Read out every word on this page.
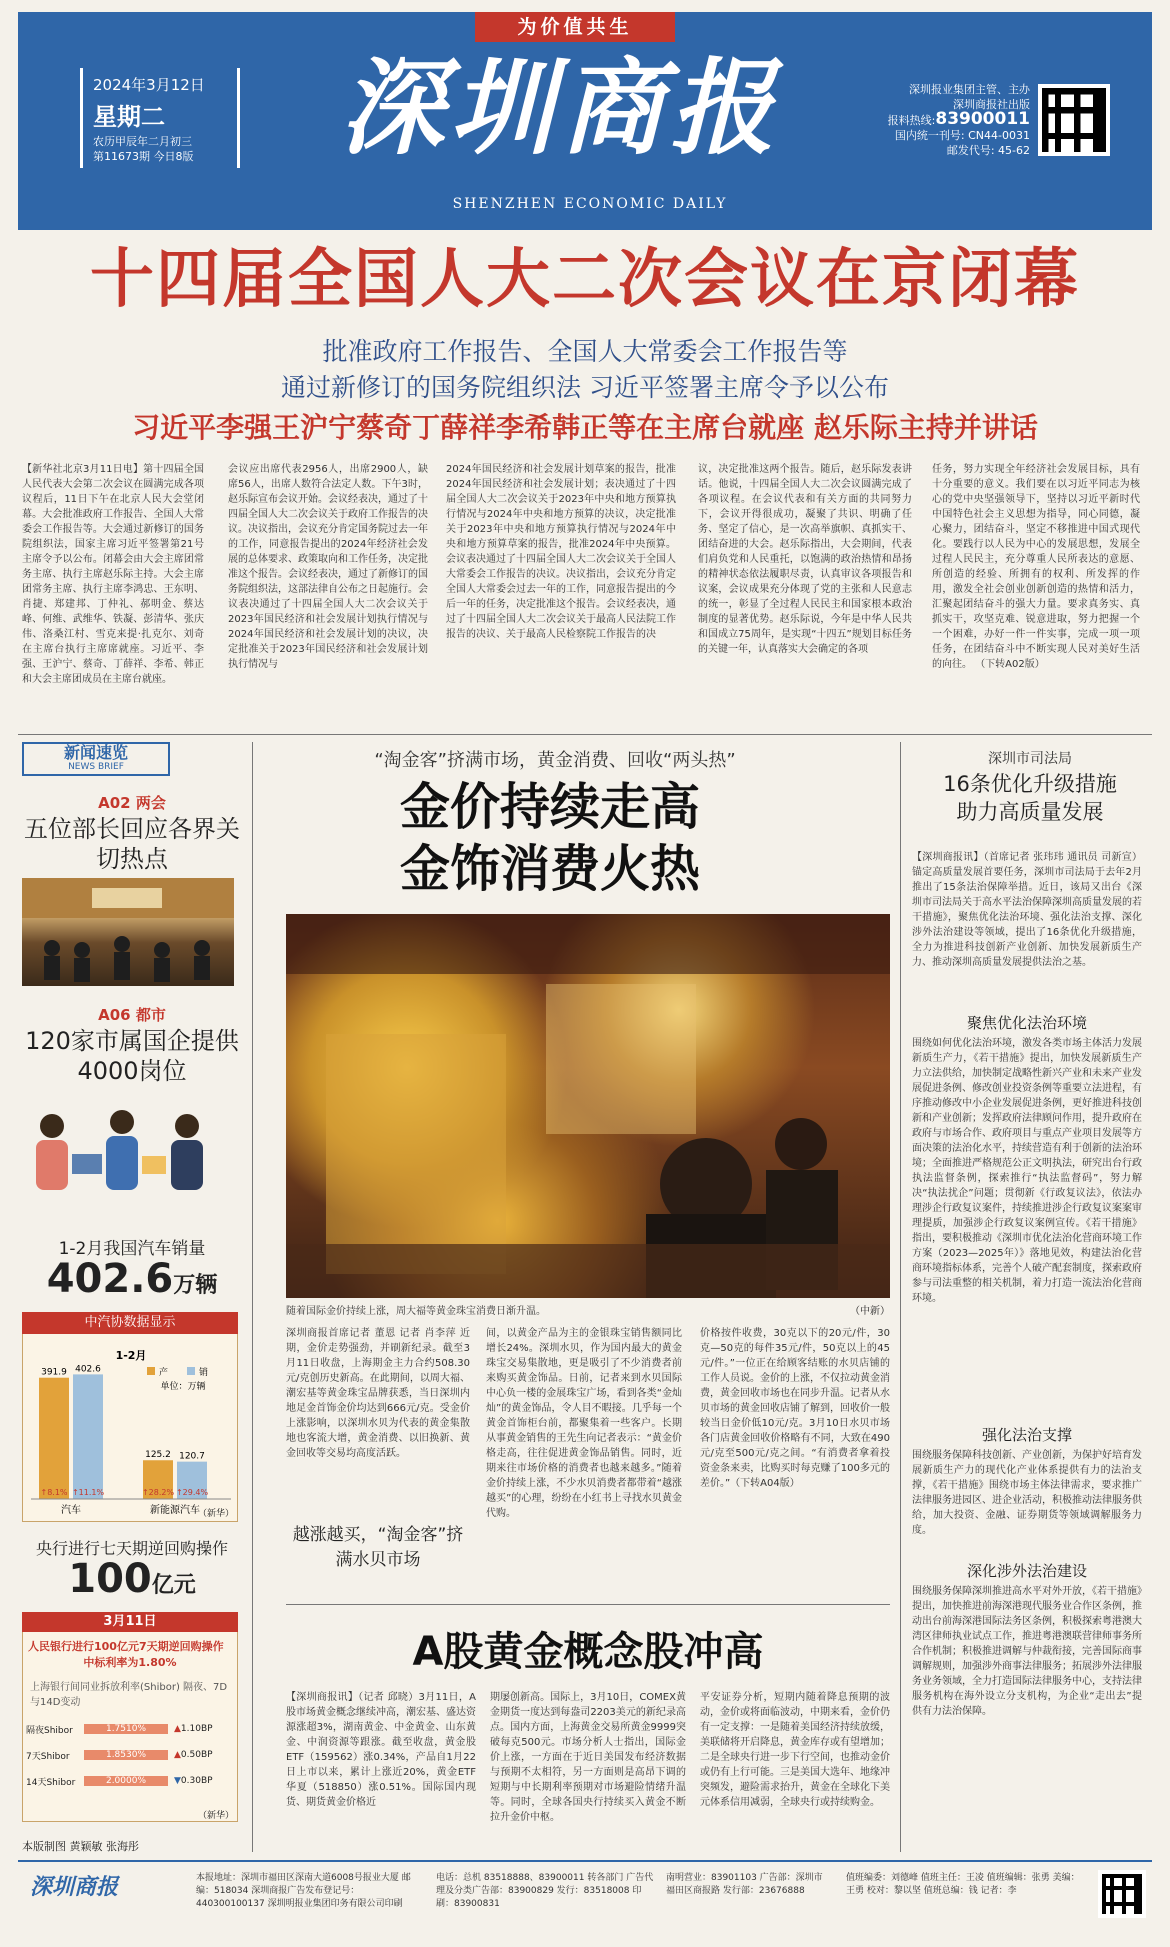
为价值共生
2024年3月12日
星期二
农历甲辰年二月初三
第11673期 今日8版	深圳商报
SHENZHEN ECONOMIC DAILY
深圳报业集团主管、主办
深圳商报社出版
报料热线:83900011
国内统一刊号: CN44-0031
邮发代号: 45-62
十四届全国人大二次会议在京闭幕
批准政府工作报告、全国人大常委会工作报告等
通过新修订的国务院组织法 习近平签署主席令予以公布
习近平李强王沪宁蔡奇丁薛祥李希韩正等在主席台就座 赵乐际主持并讲话
【新华社北京3月11日电】第十四届全国人民代表大会第二次会议在圆满完成各项议程后，11日下午在北京人民大会堂闭幕。大会批准政府工作报告、全国人大常委会工作报告等。大会通过新修订的国务院组织法，国家主席习近平签署第21号主席令予以公布。闭幕会由大会主席团常务主席、执行主席赵乐际主持。大会主席团常务主席、执行主席李鸿忠、王东明、肖捷、郑建邦、丁仲礼、郝明金、蔡达峰、何维、武维华、铁凝、彭清华、张庆伟、洛桑江村、雪克来提·扎克尔、刘奇在主席台执行主席席就座。习近平、李强、王沪宁、蔡奇、丁薛祥、李希、韩正和大会主席团成员在主席台就座。
会议应出席代表2956人，出席2900人，缺席56人，出席人数符合法定人数。下午3时，赵乐际宣布会议开始。会议经表决，通过了十四届全国人大二次会议关于政府工作报告的决议。决议指出，会议充分肯定国务院过去一年的工作，同意报告提出的2024年经济社会发展的总体要求、政策取向和工作任务，决定批准这个报告。会议经表决，通过了新修订的国务院组织法，这部法律自公布之日起施行。会议表决通过了十四届全国人大二次会议关于2023年国民经济和社会发展计划执行情况与2024年国民经济和社会发展计划的决议，决定批准关于2023年国民经济和社会发展计划执行情况与
2024年国民经济和社会发展计划草案的报告，批准2024年国民经济和社会发展计划；表决通过了十四届全国人大二次会议关于2023年中央和地方预算执行情况与2024年中央和地方预算的决议，决定批准关于2023年中央和地方预算执行情况与2024年中央和地方预算草案的报告，批准2024年中央预算。会议表决通过了十四届全国人大二次会议关于全国人大常委会工作报告的决议。决议指出，会议充分肯定全国人大常委会过去一年的工作，同意报告提出的今后一年的任务，决定批准这个报告。会议经表决，通过了十四届全国人大二次会议关于最高人民法院工作报告的决议、关于最高人民检察院工作报告的决
议，决定批准这两个报告。随后，赵乐际发表讲话。他说，十四届全国人大二次会议圆满完成了各项议程。在会议代表和有关方面的共同努力下，会议开得很成功，凝聚了共识、明确了任务、坚定了信心，是一次高举旗帜、真抓实干、团结奋进的大会。赵乐际指出，大会期间，代表们肩负党和人民重托，以饱满的政治热情和昂扬的精神状态依法履职尽责，认真审议各项报告和议案，会议成果充分体现了党的主张和人民意志的统一，彰显了全过程人民民主和国家根本政治制度的显著优势。赵乐际说，今年是中华人民共和国成立75周年，是实现“十四五”规划目标任务的关键一年，认真落实大会确定的各项
任务，努力实现全年经济社会发展目标，具有十分重要的意义。我们要在以习近平同志为核心的党中央坚强领导下，坚持以习近平新时代中国特色社会主义思想为指导，同心同德，凝心聚力，团结奋斗，坚定不移推进中国式现代化。要践行以人民为中心的发展思想，发展全过程人民民主，充分尊重人民所表达的意愿、所创造的经验、所拥有的权利、所发挥的作用，激发全社会创业创新创造的热情和活力，汇聚起团结奋斗的强大力量。要求真务实、真抓实干，攻坚克难、锐意进取，努力把握一个一个困难，办好一件一件实事，完成一项一项任务，在团结奋斗中不断实现人民对美好生活的向往。 （下转A02版）
新闻速览
NEWS BRIEF
A02 两会
五位部长回应各界关切热点
A06 都市
120家市属国企提供4000岗位
1-2月我国汽车销量
402.6万辆
1-2月
单位：万辆
产	销
391.9
↑8.1%
402.6
↑11.1%
汽车
125.2
↑28.2%
120.7
↑29.4%
新能源汽车
中汽协数据显示
（新华）
央行进行七天期逆回购操作
100亿元
3月11日
人民银行进行100亿元7天期逆回购操作
中标利率为1.80%
上海银行间同业拆放利率(Shibor) 隔夜、7D与14D变动
隔夜Shibor	1.7510%	▲ 1.10BP
7天Shibor	1.8530%	▲ 0.50BP
14天Shibor	2.0000%	▼ 0.30BP
（新华）
本版制图 黄颖敏 张海彤
“淘金客”挤满市场，黄金消费、回收“两头热”
金价持续走高
金饰消费火热
随着国际金价持续上涨，周大福等黄金珠宝消费日渐升温。	（中新）
深圳商报首席记者 董恩 记者 肖李萍 近期，金价走势强劲，并刷新纪录。截至3月11日收盘，上海期金主力合约508.30元/克创历史新高。在此期间，以周大福、潮宏基等黄金珠宝品牌获悉，当日深圳内地足金首饰金价均达到666元/克。受金价上涨影响，以深圳水贝为代表的黄金集散地也客流大增，黄金消费、以旧换新、黄金回收等交易均高度活跃。
间，以黄金产品为主的金银珠宝销售额同比增长24%。深圳水贝，作为国内最大的黄金珠宝交易集散地，更是吸引了不少消费者前来购买黄金饰品。日前，记者来到水贝国际中心负一楼的金展珠宝广场，看到各类“金灿灿”的黄金饰品，令人目不暇接。几乎每一个黄金首饰柜台前，都聚集着一些客户。长期从事黄金销售的王先生向记者表示：“黄金价格走高，往往促进黄金饰品销售。同时，近期来往市场价格的消费者也越来越多。”随着金价持续上涨，不少水贝消费者都带着“越涨越买”的心理，纷纷在小红书上寻找水贝黄金代购。
价格按件收费，30克以下的20元/件，30克—50克的每件35元/件，50克以上的45元/件。”一位正在给顾客结账的水贝店铺的工作人员说。金价的上涨，不仅拉动黄金消费，黄金回收市场也在同步升温。记者从水贝市场的黄金回收店铺了解到，回收价一般较当日金价低10元/克。3月10日水贝市场各门店黄金回收价格略有不同，大致在490元/克至500元/克之间。“有消费者拿着投资金条来卖，比购买时每克赚了100多元的差价。”（下转A04版）
越涨越买，“淘金客”挤满水贝市场
A股黄金概念股冲高
【深圳商报讯】（记者 邱晓）3月11日，A股市场黄金概念继续冲高，潮宏基、盛达资源涨超3%，湖南黄金、中金黄金、山东黄金、中润资源等跟涨。截至收盘，黄金股ETF（159562）涨0.34%，产品自1月22日上市以来，累计上涨近20%，黄金ETF华夏（518850）涨0.51%。国际国内现货、期货黄金价格近
期屡创新高。国际上，3月10日，COMEX黄金期货一度达到每盎司2203美元的新纪录高点。国内方面，上海黄金交易所黄金9999突破每克500元。市场分析人士指出，国际金价上涨，一方面在于近日美国发布经济数据与预期不太相符，另一方面则是高昂下调的短期与中长期利率预期对市场避险情绪升温等。同时，全球各国央行持续买入黄金不断拉升金价中枢。
平安证券分析，短期内随着降息预期的波动，金价或将面临波动，中期来看，金价仍有一定支撑：一是随着美国经济持续放缓，美联储将开启降息，黄金库存或有望增加；二是全球央行进一步下行空间，也推动金价或仍有上行可能。三是美国大选年、地缘冲突频发，避险需求抬升，黄金在全球化下美元体系信用减弱，全球央行或持续购金。
深圳市司法局
16条优化升级措施
助力高质量发展
【深圳商报讯】（首席记者 张玮玮 通讯员 司新宣）锚定高质量发展首要任务，深圳市司法局于去年2月推出了15条法治保障举措。近日，该局又出台《深圳市司法局关于高水平法治保障深圳高质量发展的若干措施》，聚焦优化法治环境、强化法治支撑、深化涉外法治建设等领域，提出了16条优化升级措施，全力为推进科技创新产业创新、加快发展新质生产力、推动深圳高质量发展提供法治之基。
聚焦优化法治环境
围绕如何优化法治环境，激发各类市场主体活力发展新质生产力，《若干措施》提出，加快发展新质生产力立法供给，加快制定战略性新兴产业和未来产业发展促进条例、修改创业投资条例等重要立法进程，有序推动修改中小企业发展促进条例，更好推进科技创新和产业创新；发挥政府法律顾问作用，提升政府在政府与市场合作、政府项目与重点产业项目发展等方面决策的法治化水平，持续营造有利于创新的法治环境；全面推进严格规范公正文明执法，研究出台行政执法监督条例，探索推行“执法监督码”，努力解决“执法扰企”问题；贯彻新《行政复议法》，依法办理涉企行政复议案件，持续推进涉企行政复议案案审理提质，加强涉企行政复议案例宣传。《若干措施》指出，要积极推动《深圳市优化法治化营商环境工作方案（2023—2025年）》落地见效，构建法治化营商环境指标体系，完善个人破产配套制度，探索政府参与司法重整的相关机制，着力打造一流法治化营商环境。
强化法治支撑
围绕服务保障科技创新、产业创新，为保护好培育发展新质生产力的现代化产业体系提供有力的法治支撑，《若干措施》围绕市场主体法律需求，要求推广法律服务进园区、进企业活动，积极推动法律服务供给，加大投资、金融、证券期货等领域调解服务力度。
深化涉外法治建设
围绕服务保障深圳推进高水平对外开放，《若干措施》提出，加快推进前海深港现代服务业合作区条例，推动出台前海深港国际法务区条例，积极探索粤港澳大湾区律师执业试点工作，推进粤港澳联营律师事务所合作机制；积极推进调解与仲裁衔接，完善国际商事调解规则，加强涉外商事法律服务；拓展涉外法律服务业务领域，全力打造国际法律服务中心，支持法律服务机构在海外设立分支机构，为企业“走出去”提供有力法治保障。
深圳商报	本报地址：深圳市福田区深南大道6008号报业大厦 邮编：518034 深圳商报广告发布登记号：440300100137 深圳明报业集团印务有限公司印刷
电话：总机 83518888、83900011 转各部门 广告代理及分类广告部：83900829 发行：83518008 印刷：83900831
南明营业：83901103 广告部：深圳市福田区商报路 发行部：23676888
值班编委：刘德峰 值班主任：王凌 值班编辑：张勇 美编：王勇 校对：黎以坚 值班总编：钱 记者：李
